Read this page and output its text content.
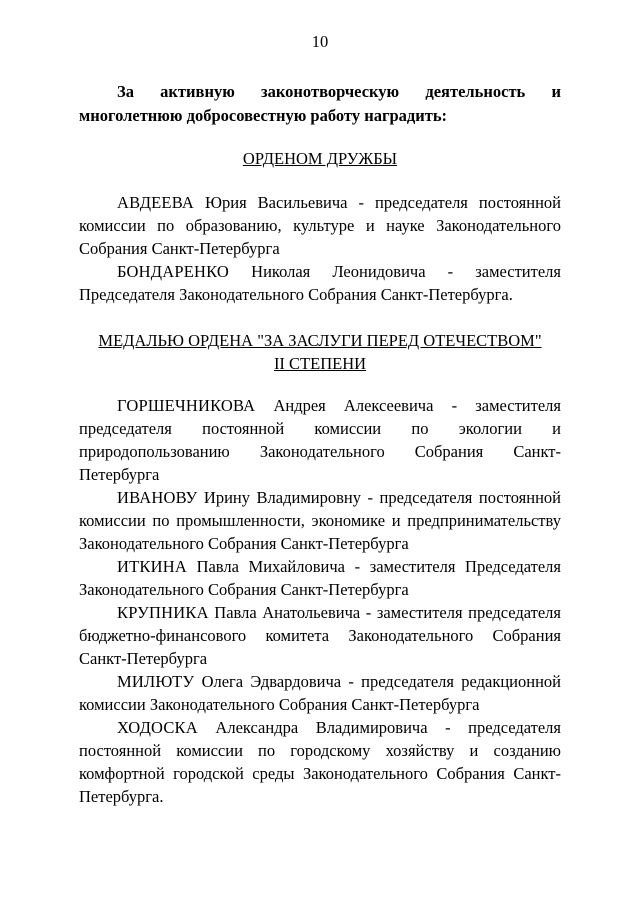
10

За активную законотворческую деятельность и многолетнюю добросовестную работу наградить:

ОРДЕНОМ ДРУЖБЫ

АВДЕЕВА Юрия Васильевича - председателя постоянной комиссии по образованию, культуре и науке Законодательного Собрания Санкт-Петербурга

БОНДАРЕНКО Николая Леонидовича - заместителя Председателя Законодательного Собрания Санкт-Петербурга.

МЕДАЛЬЮ ОРДЕНА "ЗА ЗАСЛУГИ ПЕРЕД ОТЕЧЕСТВОМ"
II СТЕПЕНИ

ГОРШЕЧНИКОВА Андрея Алексеевича - заместителя председателя постоянной комиссии по экологии и природопользованию Законодательного Собрания Санкт-Петербурга

ИВАНОВУ Ирину Владимировну - председателя постоянной комиссии по промышленности, экономике и предпринимательству Законодательного Собрания Санкт-Петербурга

ИТКИНА Павла Михайловича - заместителя Председателя Законодательного Собрания Санкт-Петербурга

КРУПНИКА Павла Анатольевича - заместителя председателя бюджетно-финансового комитета Законодательного Собрания Санкт-Петербурга

МИЛЮТУ Олега Эдвардовича - председателя редакционной комиссии Законодательного Собрания Санкт-Петербурга

ХОДОСКА Александра Владимировича - председателя постоянной комиссии по городскому хозяйству и созданию комфортной городской среды Законодательного Собрания Санкт-Петербурга.
